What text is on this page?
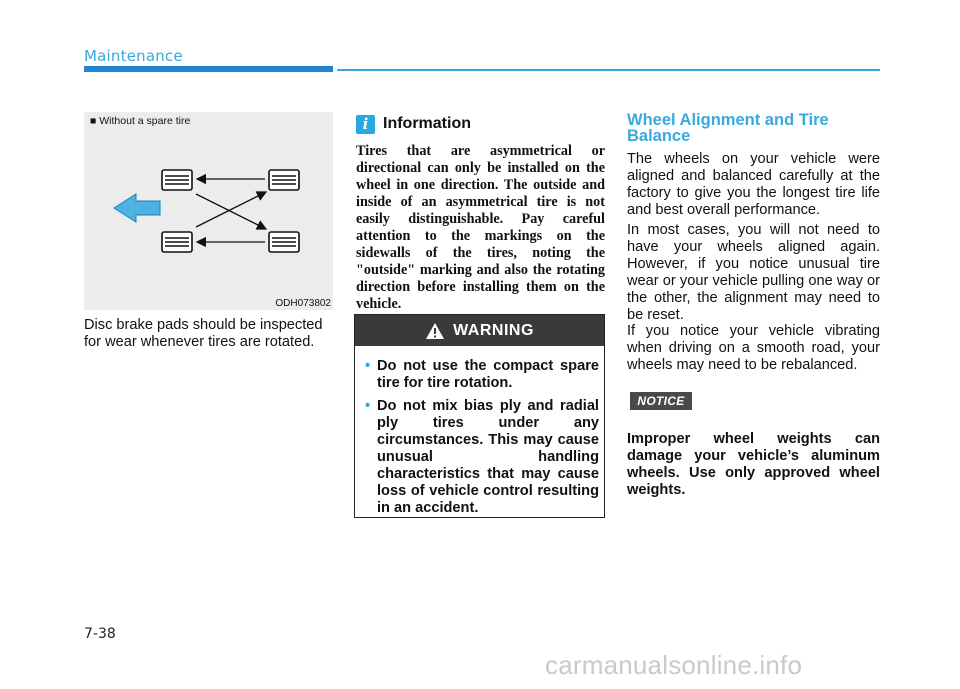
Maintenance
■ Without a spare tire
ODH073802
Disc brake pads should be inspected for wear whenever tires are rotated.
i Information
Tires that are asymmetrical or directional can only be installed on the wheel in one direction. The outside and inside of an asymmetrical tire is not easily distinguishable. Pay careful attention to the markings on the sidewalls of the tires, noting the "outside" marking and also the rotating direction before installing them on the vehicle.
WARNING
• Do not use the compact spare tire for tire rotation.
• Do not mix bias ply and radial ply tires under any circumstances. This may cause unusual handling characteristics that may cause loss of vehicle control resulting in an accident.
Wheel Alignment and Tire Balance
The wheels on your vehicle were aligned and balanced carefully at the factory to give you the longest tire life and best overall performance.
In most cases, you will not need to have your wheels aligned again. However, if you notice unusual tire wear or your vehicle pulling one way or the other, the alignment may need to be reset.
If you notice your vehicle vibrating when driving on a smooth road, your wheels may need to be rebalanced.
NOTICE
Improper wheel weights can damage your vehicle’s aluminum wheels. Use only approved wheel weights.
7-38
carmanualsonline.info
